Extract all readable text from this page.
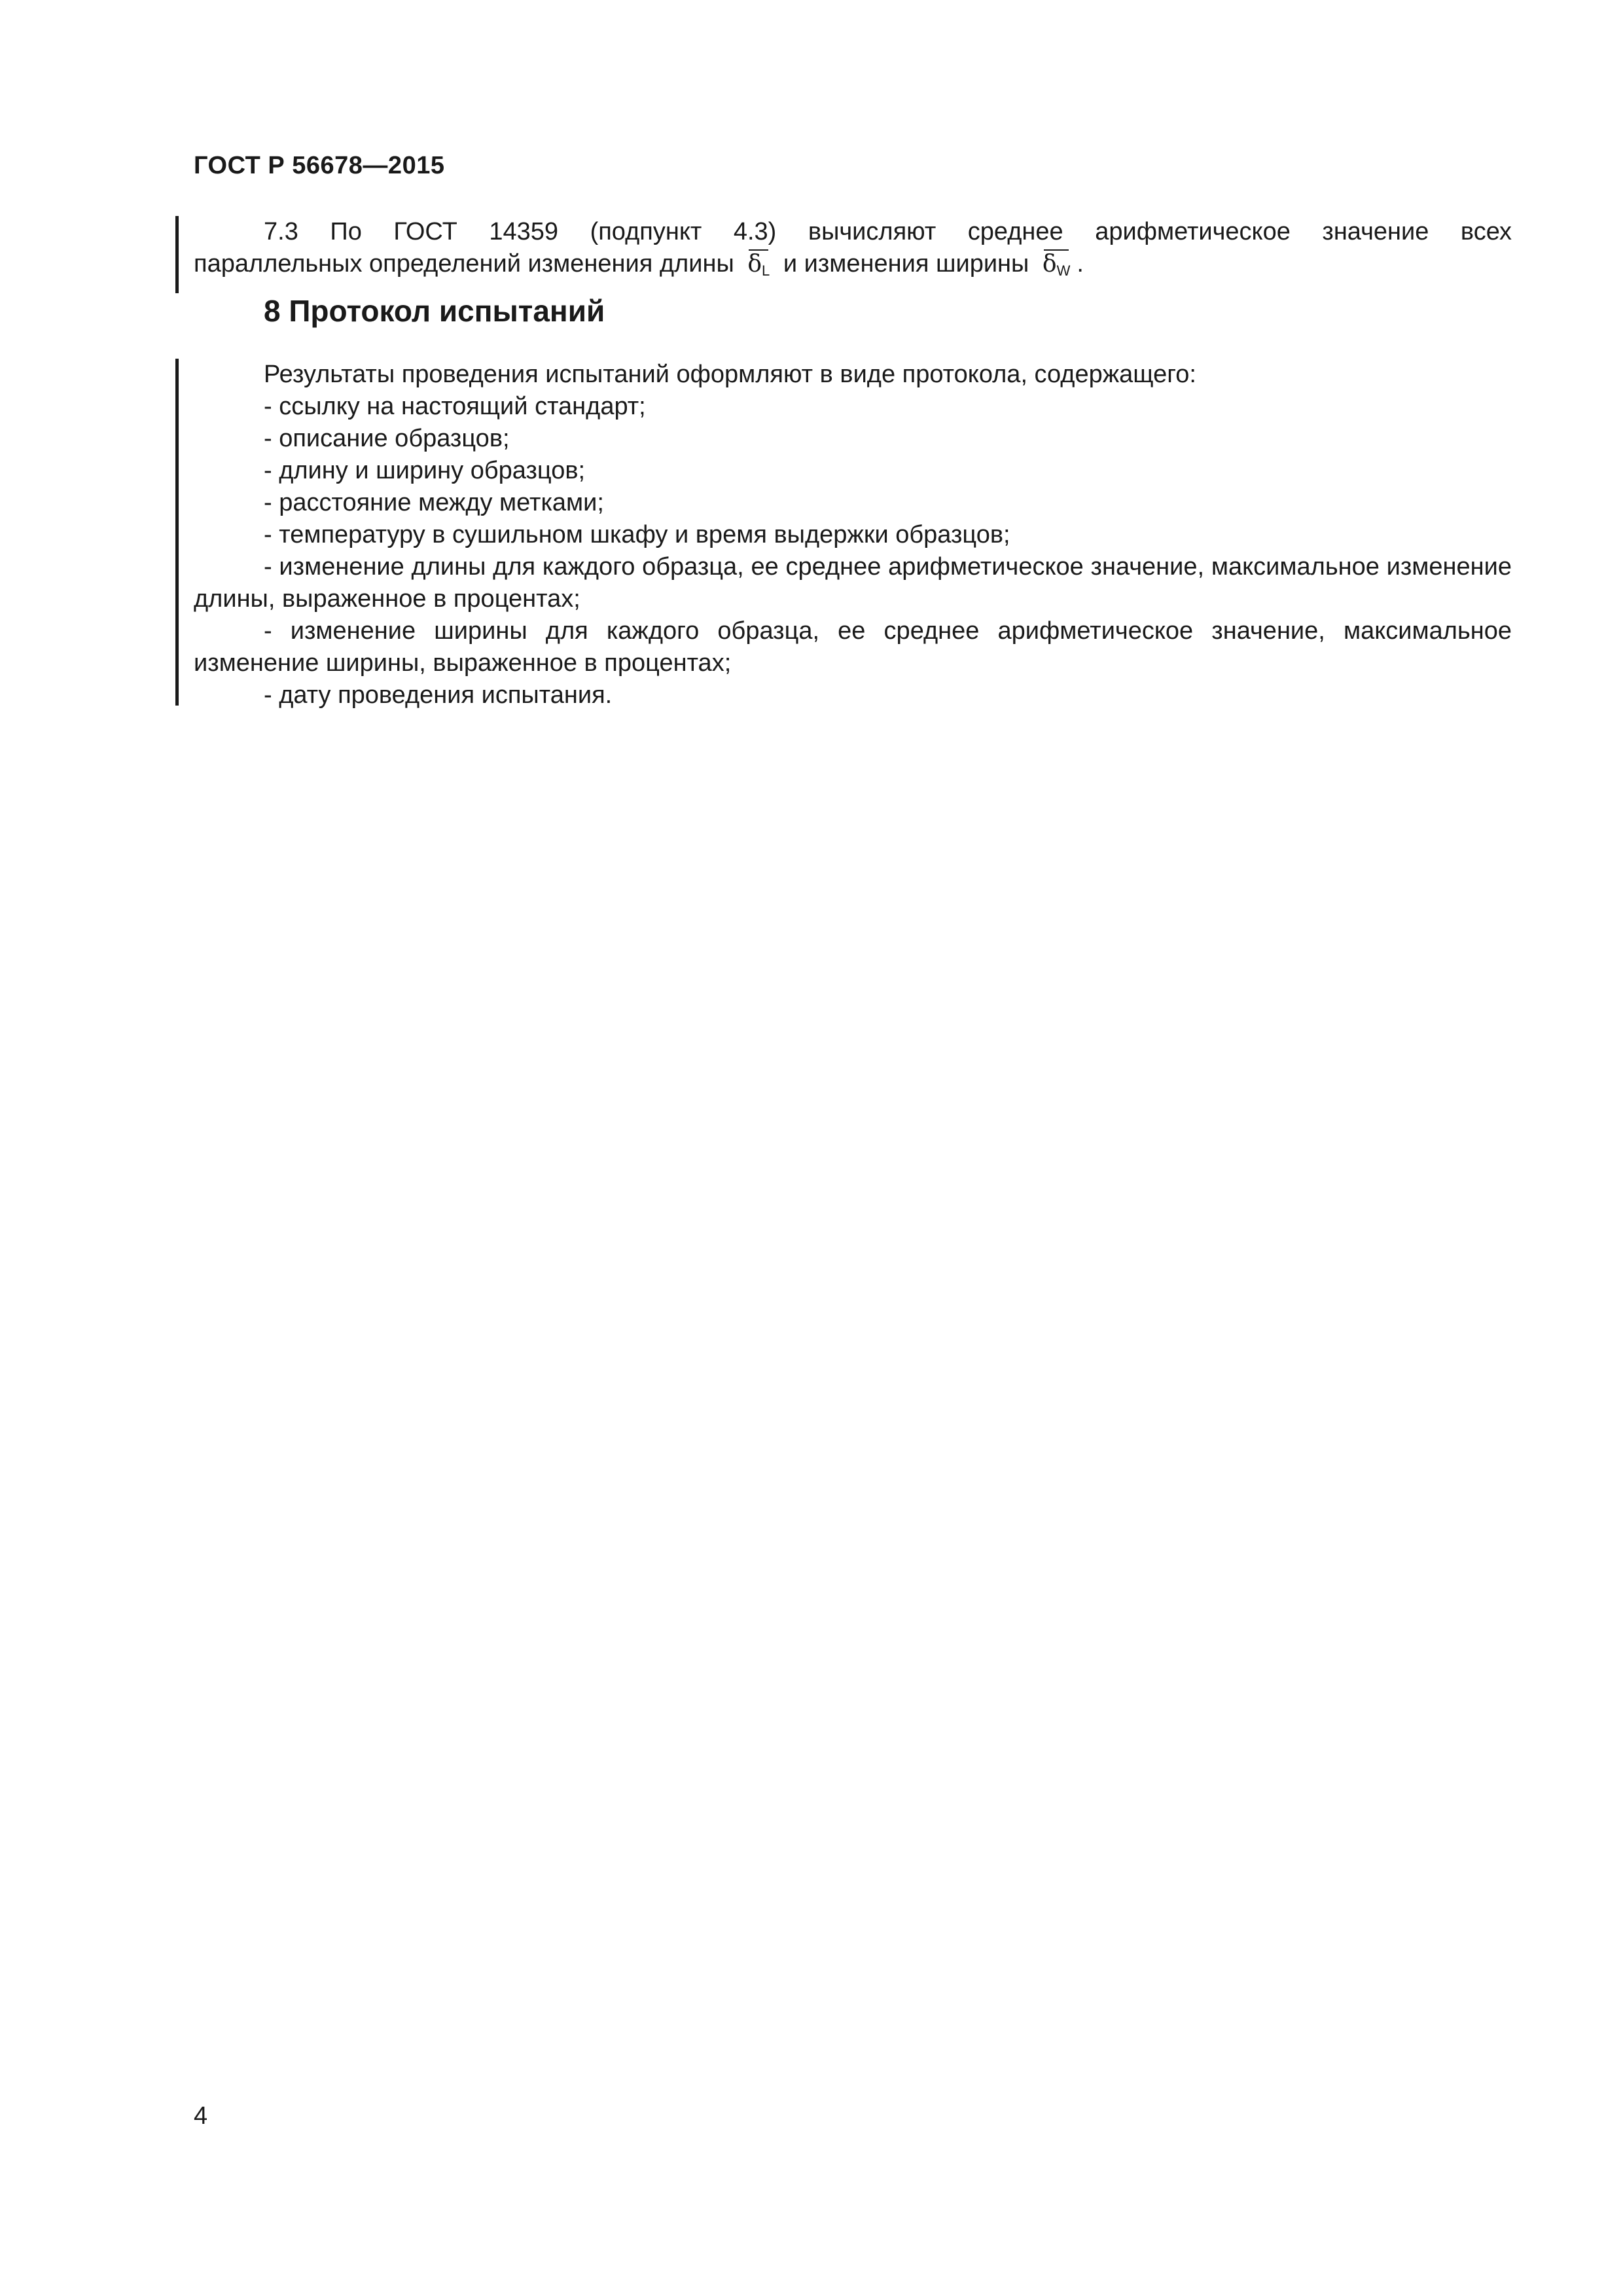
ГОСТ Р 56678—2015
7.3 По ГОСТ 14359 (подпункт 4.3) вычисляют среднее арифметическое значение всех
параллельных определений изменения длины $\delta_L$ и изменения ширины $\delta_W$ .
8 Протокол испытаний
Результаты проведения испытаний оформляют в виде протокола, содержащего:
- ссылку на настоящий стандарт;
- описание образцов;
- длину и ширину образцов;
- расстояние между метками;
- температуру в сушильном шкафу и время выдержки образцов;
- изменение длины для каждого образца, ее среднее арифметическое значение, максимальное изменение длины, выраженное в процентах;
- изменение ширины для каждого образца, ее среднее арифметическое значение, максимальное изменение ширины, выраженное в процентах;
- дату проведения испытания.
4
